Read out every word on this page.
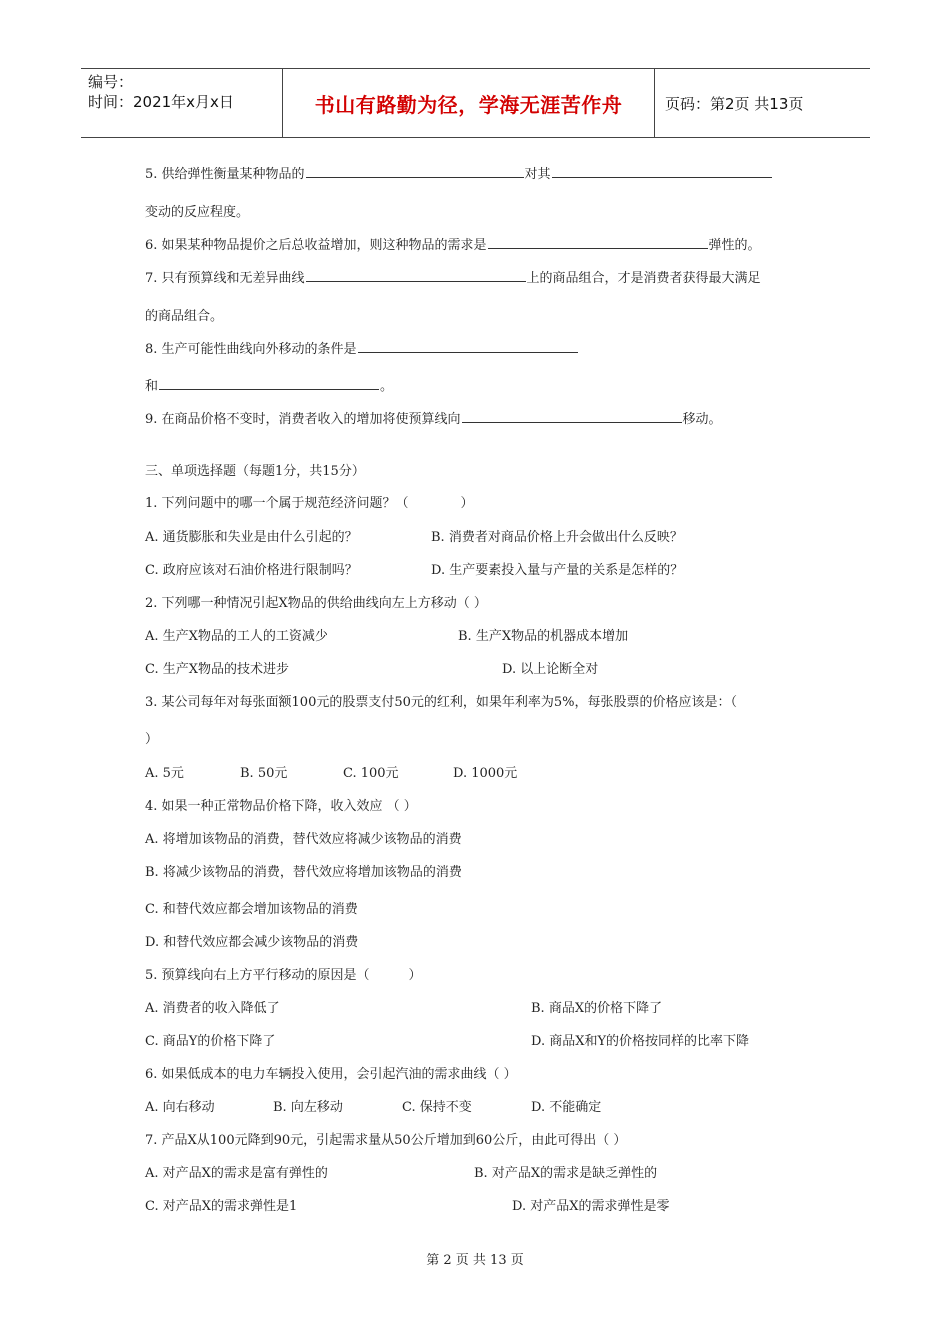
编号：
时间：2021年x月x日	书山有路勤为径，学海无涯苦作舟	页码：第2页 共13页
5. 供给弹性衡量某种物品的	对其
变动的反应程度。
6. 如果某种物品提价之后总收益增加，则这种物品的需求是	弹性的。
7. 只有预算线和无差异曲线	上的商品组合，才是消费者获得最大满足
的商品组合。
8. 生产可能性曲线向外移动的条件是
和	。
9. 在商品价格不变时，消费者收入的增加将使预算线向	移动。
三、单项选择题（每题1分，共15分）
1. 下列问题中的哪一个属于规范经济问题？（　　　　）
A. 通货膨胀和失业是由什么引起的？	B. 消费者对商品价格上升会做出什么反映？
C. 政府应该对石油价格进行限制吗？	D. 生产要素投入量与产量的关系是怎样的？
2. 下列哪一种情况引起X物品的供给曲线向左上方移动（ ）
A. 生产X物品的工人的工资减少	B. 生产X物品的机器成本增加
C. 生产X物品的技术进步	D. 以上论断全对
3. 某公司每年对每张面额100元的股票支付50元的红利，如果年利率为5%，每张股票的价格应该是：（
）
A. 5元	B. 50元	C. 100元	D. 1000元
4. 如果一种正常物品价格下降，收入效应 （ ）
A. 将增加该物品的消费，替代效应将减少该物品的消费
B. 将减少该物品的消费，替代效应将增加该物品的消费
C. 和替代效应都会增加该物品的消费
D. 和替代效应都会减少该物品的消费
5. 预算线向右上方平行移动的原因是（　　　）
A. 消费者的收入降低了	B. 商品X的价格下降了
C. 商品Y的价格下降了	D. 商品X和Y的价格按同样的比率下降
6. 如果低成本的电力车辆投入使用，会引起汽油的需求曲线（ ）
A. 向右移动	B. 向左移动	C. 保持不变	D. 不能确定
7. 产品X从100元降到90元，引起需求量从50公斤增加到60公斤，由此可得出（ ）
A. 对产品X的需求是富有弹性的	B. 对产品X的需求是缺乏弹性的
C. 对产品X的需求弹性是1	D. 对产品X的需求弹性是零
第 2 页 共 13 页
